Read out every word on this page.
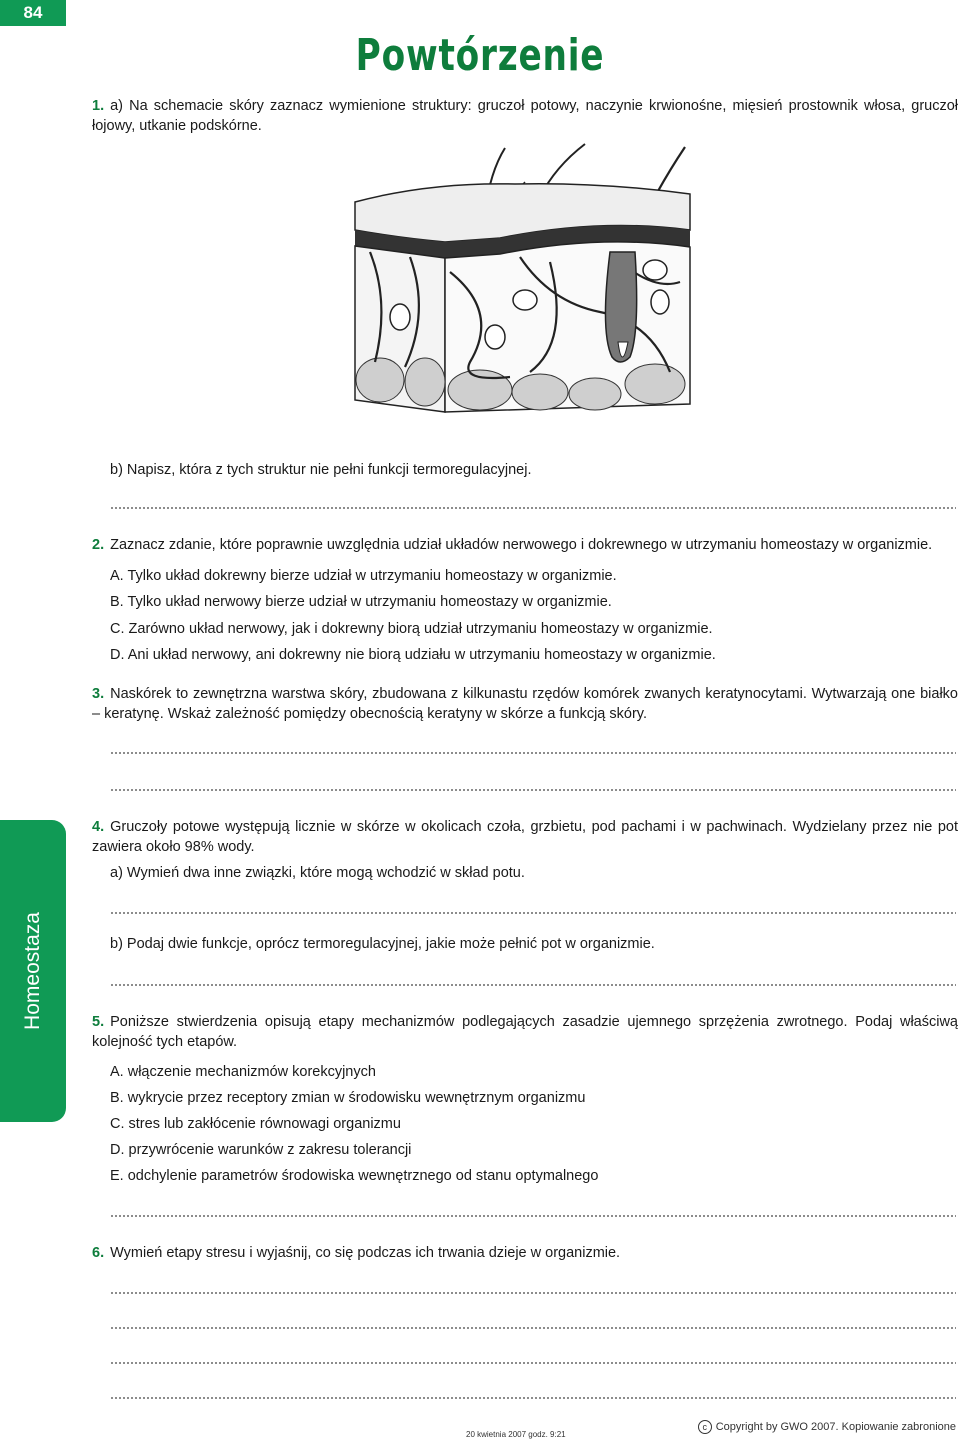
84
Powtórzenie
Homeostaza
1. a) Na schemacie skóry zaznacz wymienione struktury: gruczoł potowy, naczynie krwionośne, mięsień prostownik włosa, gruczoł łojowy, utkanie podskórne.
b) Napisz, która z tych struktur nie pełni funkcji termoregulacyjnej.
2. Zaznacz zdanie, które poprawnie uwzględnia udział układów nerwowego i dokrewnego w utrzymaniu homeostazy w organizmie.
A. Tylko układ dokrewny bierze udział w utrzymaniu homeostazy w organizmie.
B. Tylko układ nerwowy bierze udział w utrzymaniu homeostazy w organizmie.
C. Zarówno układ nerwowy, jak i dokrewny biorą udział utrzymaniu homeostazy w organizmie.
D. Ani układ nerwowy, ani dokrewny nie biorą udziału w utrzymaniu homeostazy w organizmie.
3. Naskórek to zewnętrzna warstwa skóry, zbudowana z kilkunastu rzędów komórek zwanych keratynocytami. Wytwarzają one białko – keratynę. Wskaż zależność pomiędzy obecnością keratyny w skórze a funkcją skóry.
4. Gruczoły potowe występują licznie w skórze w okolicach czoła, grzbietu, pod pachami i w pachwinach. Wydzielany przez nie pot zawiera około 98% wody.
a) Wymień dwa inne związki, które mogą wchodzić w skład potu.
b) Podaj dwie funkcje, oprócz termoregulacyjnej, jakie może pełnić pot w organizmie.
5. Poniższe stwierdzenia opisują etapy mechanizmów podlegających zasadzie ujemnego sprzężenia zwrotnego. Podaj właściwą kolejność tych etapów.
A. włączenie mechanizmów korekcyjnych
B. wykrycie przez receptory zmian w środowisku wewnętrznym organizmu
C. stres lub zakłócenie równowagi organizmu
D. przywrócenie warunków z zakresu tolerancji
E. odchylenie parametrów środowiska wewnętrznego od stanu optymalnego
6. Wymień etapy stresu i wyjaśnij, co się podczas ich trwania dzieje w organizmie.
20 kwietnia 2007 godz. 9:21
c Copyright by GWO 2007. Kopiowanie zabronione
